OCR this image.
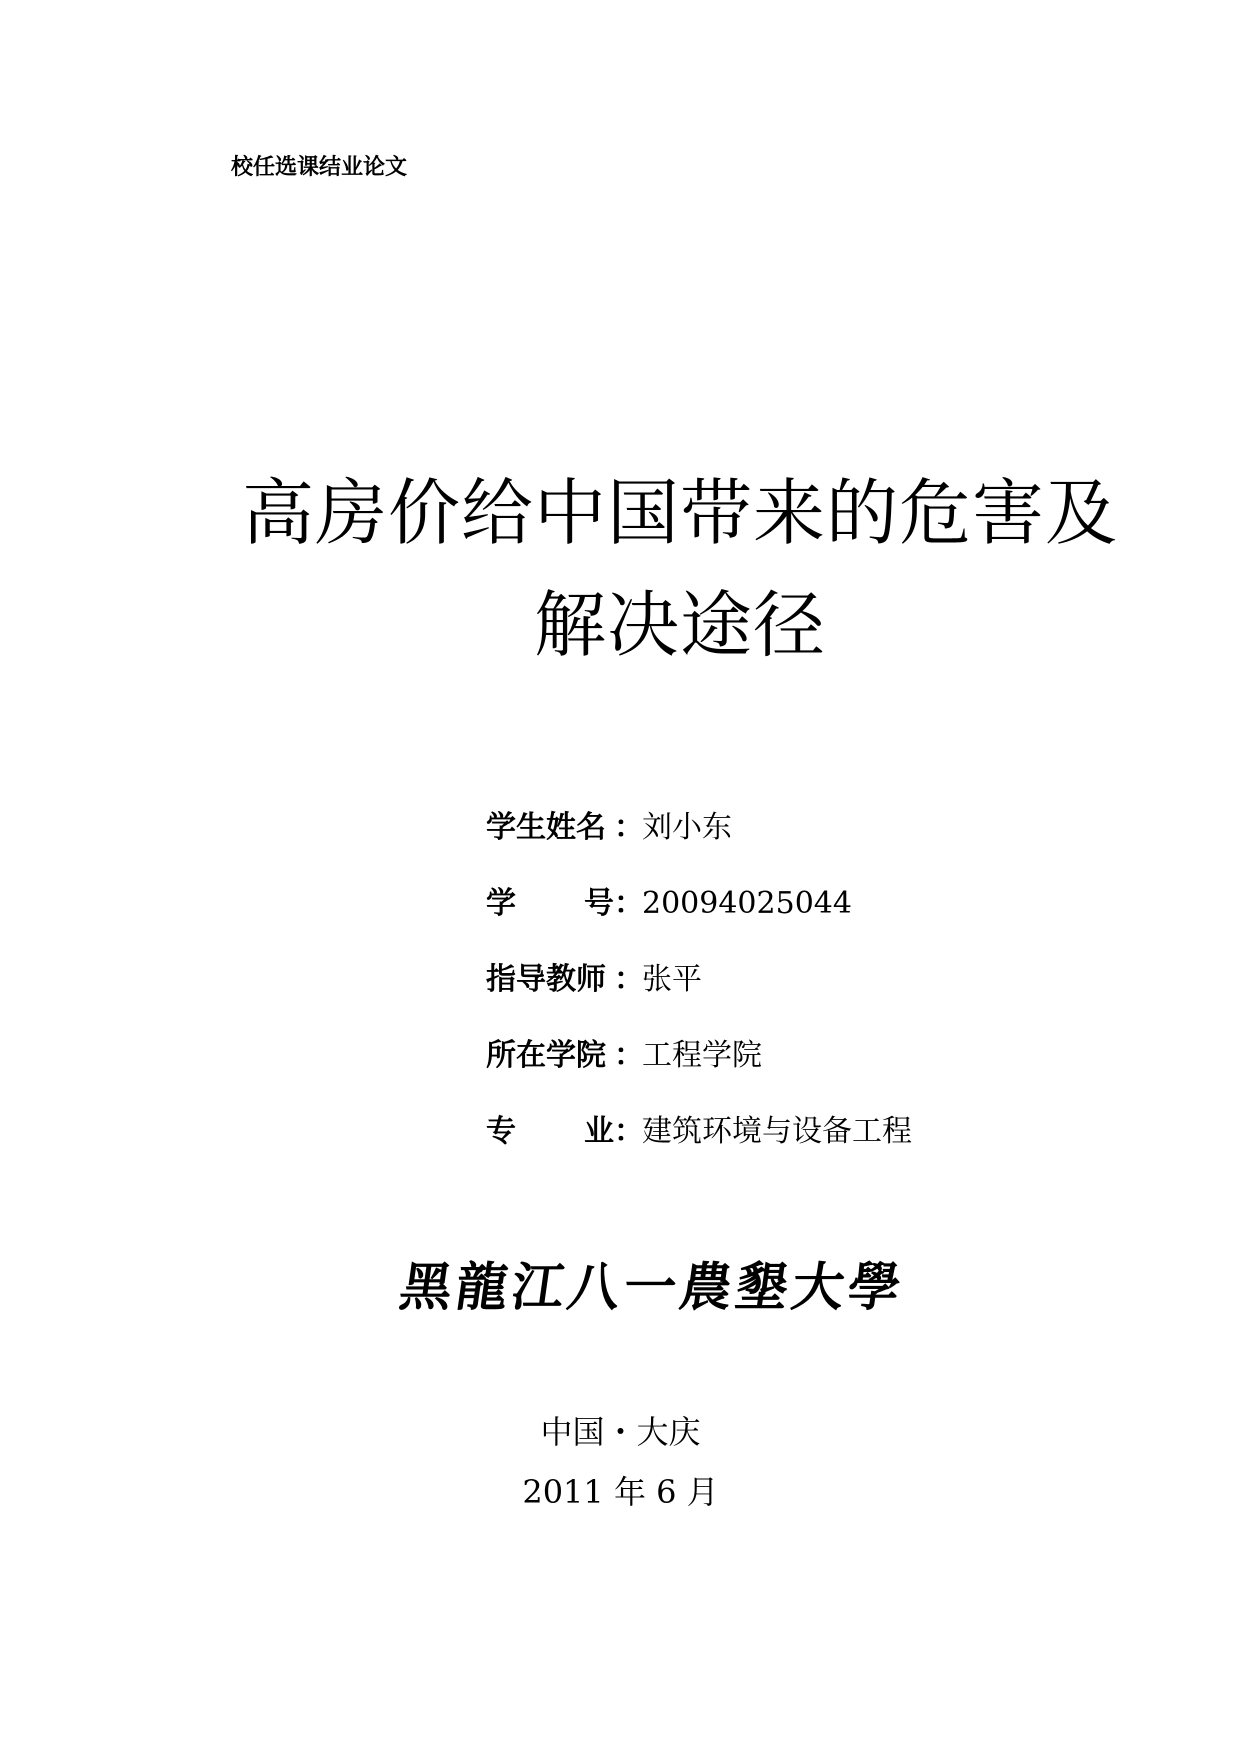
校任选课结业论文
高房价给中国带来的危害及
解决途径
学生姓名 ：
刘小东
学 号 ：
20094025044
指导教师 ：
张平
所在学院 ：
工程学院
专 业 ：
建筑环境与设备工程
黑龍江八一農墾大學
中国・大庆
2011 年 6 月
